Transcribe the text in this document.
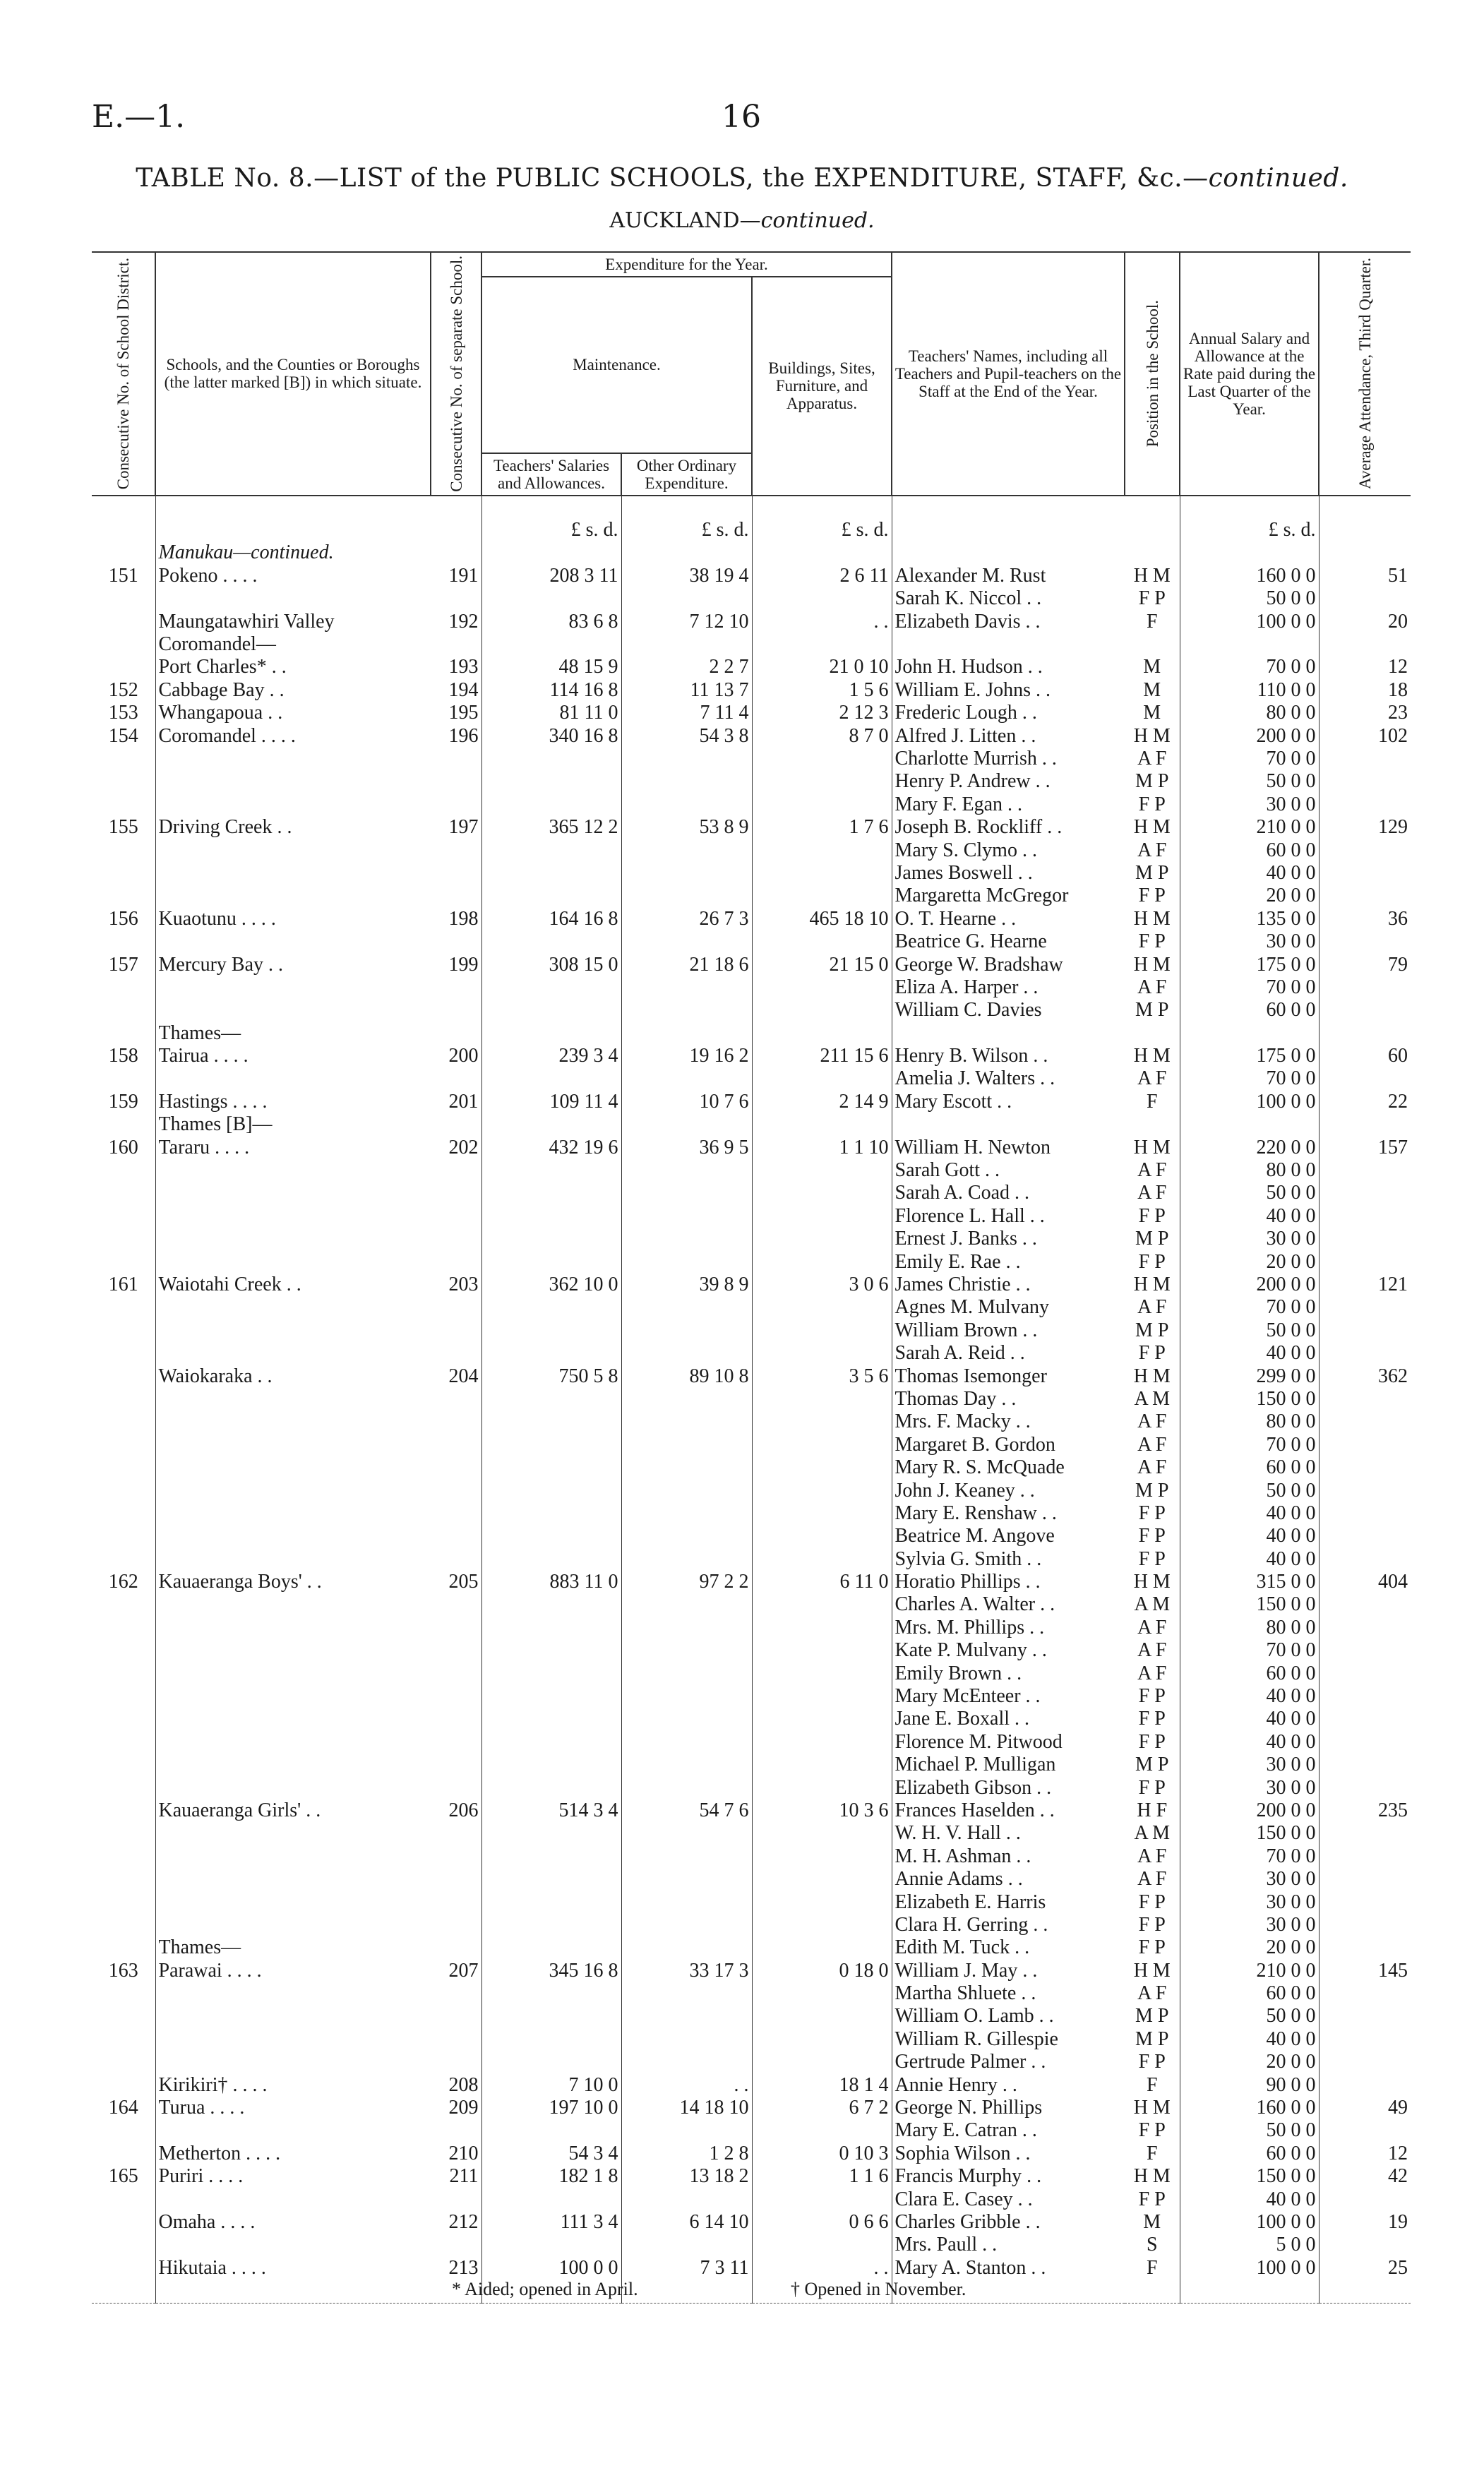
E.—1.	16
TABLE No. 8.—LIST of the PUBLIC SCHOOLS, the EXPENDITURE, STAFF, &c.—continued.
AUCKLAND—continued.
Consecutive No. of School District.	Schools, and the Counties or Boroughs (the latter marked [B]) in which situate.	Consecutive No. of separate School.	Expenditure for the Year.			Teachers' Names, including all Teachers and Pupil-teachers on the Staff at the End of the Year.	Position in the School.	Annual Salary and Allowance at the Rate paid during the Last Quarter of the Year.	Average Attendance, Third Quarter.

			Maintenance.		Buildings, Sites, Furniture, and Apparatus.				
			Teachers' Salaries and Allowances.	Other Ordinary Expenditure.					

			£ s. d.	£ s. d.	£ s. d.			£ s. d.	
	Manukau—continued.								
151	Pokeno . . . .	191	208 3 11	38 19 4	2 6 11	Alexander M. Rust	H M	160 0 0	51
						Sarah K. Niccol . .	F P	50 0 0	
	Maungatawhiri Valley	192	83 6 8	7 12 10	. .	Elizabeth Davis . .	F	100 0 0	20
	Coromandel—								
	Port Charles* . .	193	48 15 9	2 2 7	21 0 10	John H. Hudson . .	M	70 0 0	12
152	Cabbage Bay . .	194	114 16 8	11 13 7	1 5 6	William E. Johns . .	M	110 0 0	18
153	Whangapoua . .	195	81 11 0	7 11 4	2 12 3	Frederic Lough . .	M	80 0 0	23
154	Coromandel . . . .	196	340 16 8	54 3 8	8 7 0	Alfred J. Litten . .	H M	200 0 0	102
						Charlotte Murrish . .	A F	70 0 0	
						Henry P. Andrew . .	M P	50 0 0	
						Mary F. Egan . .	F P	30 0 0	
155	Driving Creek . .	197	365 12 2	53 8 9	1 7 6	Joseph B. Rockliff . .	H M	210 0 0	129
						Mary S. Clymo . .	A F	60 0 0	
						James Boswell . .	M P	40 0 0	
						Margaretta McGregor	F P	20 0 0	
156	Kuaotunu . . . .	198	164 16 8	26 7 3	465 18 10	O. T. Hearne . .	H M	135 0 0	36
						Beatrice G. Hearne	F P	30 0 0	
157	Mercury Bay . .	199	308 15 0	21 18 6	21 15 0	George W. Bradshaw	H M	175 0 0	79
						Eliza A. Harper . .	A F	70 0 0	
						William C. Davies	M P	60 0 0	
	Thames—								
158	Tairua . . . .	200	239 3 4	19 16 2	211 15 6	Henry B. Wilson . .	H M	175 0 0	60
						Amelia J. Walters . .	A F	70 0 0	
159	Hastings . . . .	201	109 11 4	10 7 6	2 14 9	Mary Escott . .	F	100 0 0	22
	Thames [B]—								
160	Tararu . . . .	202	432 19 6	36 9 5	1 1 10	William H. Newton	H M	220 0 0	157
						Sarah Gott . .	A F	80 0 0	
						Sarah A. Coad . .	A F	50 0 0	
						Florence L. Hall . .	F P	40 0 0	
						Ernest J. Banks . .	M P	30 0 0	
						Emily E. Rae . .	F P	20 0 0	
161	Waiotahi Creek . .	203	362 10 0	39 8 9	3 0 6	James Christie . .	H M	200 0 0	121
						Agnes M. Mulvany	A F	70 0 0	
						William Brown . .	M P	50 0 0	
						Sarah A. Reid . .	F P	40 0 0	
	Waiokaraka . .	204	750 5 8	89 10 8	3 5 6	Thomas Isemonger	H M	299 0 0	362
						Thomas Day . .	A M	150 0 0	
						Mrs. F. Macky . .	A F	80 0 0	
						Margaret B. Gordon	A F	70 0 0	
						Mary R. S. McQuade	A F	60 0 0	
						John J. Keaney . .	M P	50 0 0	
						Mary E. Renshaw . .	F P	40 0 0	
						Beatrice M. Angove	F P	40 0 0	
						Sylvia G. Smith . .	F P	40 0 0	
162	Kauaeranga Boys' . .	205	883 11 0	97 2 2	6 11 0	Horatio Phillips . .	H M	315 0 0	404
						Charles A. Walter . .	A M	150 0 0	
						Mrs. M. Phillips . .	A F	80 0 0	
						Kate P. Mulvany . .	A F	70 0 0	
						Emily Brown . .	A F	60 0 0	
						Mary McEnteer . .	F P	40 0 0	
						Jane E. Boxall . .	F P	40 0 0	
						Florence M. Pitwood	F P	40 0 0	
						Michael P. Mulligan	M P	30 0 0	
						Elizabeth Gibson . .	F P	30 0 0	
	Kauaeranga Girls' . .	206	514 3 4	54 7 6	10 3 6	Frances Haselden . .	H F	200 0 0	235
						W. H. V. Hall . .	A M	150 0 0	
						M. H. Ashman . .	A F	70 0 0	
						Annie Adams . .	A F	30 0 0	
						Elizabeth E. Harris	F P	30 0 0	
						Clara H. Gerring . .	F P	30 0 0	
	Thames—					Edith M. Tuck . .	F P	20 0 0	
163	Parawai . . . .	207	345 16 8	33 17 3	0 18 0	William J. May . .	H M	210 0 0	145
						Martha Shluete . .	A F	60 0 0	
						William O. Lamb . .	M P	50 0 0	
						William R. Gillespie	M P	40 0 0	
						Gertrude Palmer . .	F P	20 0 0	
	Kirikiri† . . . .	208	7 10 0	. .	18 1 4	Annie Henry . .	F	90 0 0	
164	Turua . . . .	209	197 10 0	14 18 10	6 7 2	George N. Phillips	H M	160 0 0	49
						Mary E. Catran . .	F P	50 0 0	
	Metherton . . . .	210	54 3 4	1 2 8	0 10 3	Sophia Wilson . .	F	60 0 0	12
165	Puriri . . . .	211	182 1 8	13 18 2	1 1 6	Francis Murphy . .	H M	150 0 0	42
						Clara E. Casey . .	F P	40 0 0	
	Omaha . . . .	212	111 3 4	6 14 10	0 6 6	Charles Gribble . .	M	100 0 0	19
						Mrs. Paull . .	S	5 0 0	
	Hikutaia . . . .	213	100 0 0	7 3 11	. .	Mary A. Stanton . .	F	100 0 0	25

* Aided; opened in April.	† Opened in November.
